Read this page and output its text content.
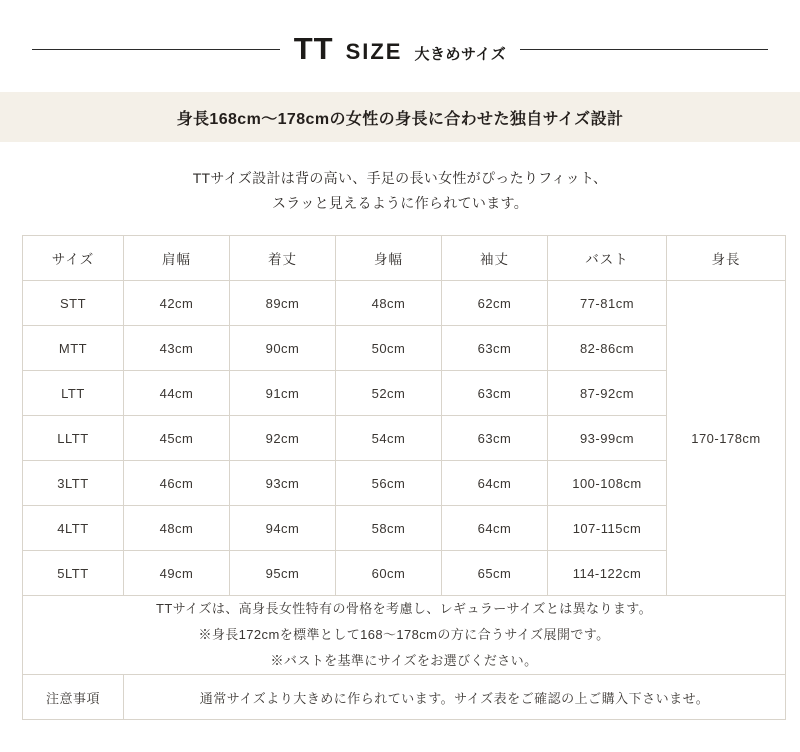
TT SIZE 大きめサイズ
身長168cm〜178cmの女性の身長に合わせた独自サイズ設計
TTサイズ設計は背の高い、手足の長い女性がぴったりフィット、
スラッと見えるように作られています。
サイズ	肩幅	着丈	身幅	袖丈	バスト	身長
STT	42cm	89cm	48cm	62cm	77-81cm	170-178cm
MTT	43cm	90cm	50cm	63cm	82-86cm	
LTT	44cm	91cm	52cm	63cm	87-92cm	
LLTT	45cm	92cm	54cm	63cm	93-99cm	
3LTT	46cm	93cm	56cm	64cm	100-108cm	
4LTT	48cm	94cm	58cm	64cm	107-115cm	
5LTT	49cm	95cm	60cm	65cm	114-122cm	

TTサイズは、高身長女性特有の骨格を考慮し、レギュラーサイズとは異なります。
※身長172cmを標準として168〜178cmの方に合うサイズ展開です。
※バストを基準にサイズをお選びください。						

注意事項	通常サイズより大きめに作られています。サイズ表をご確認の上ご購入下さいませ。					
